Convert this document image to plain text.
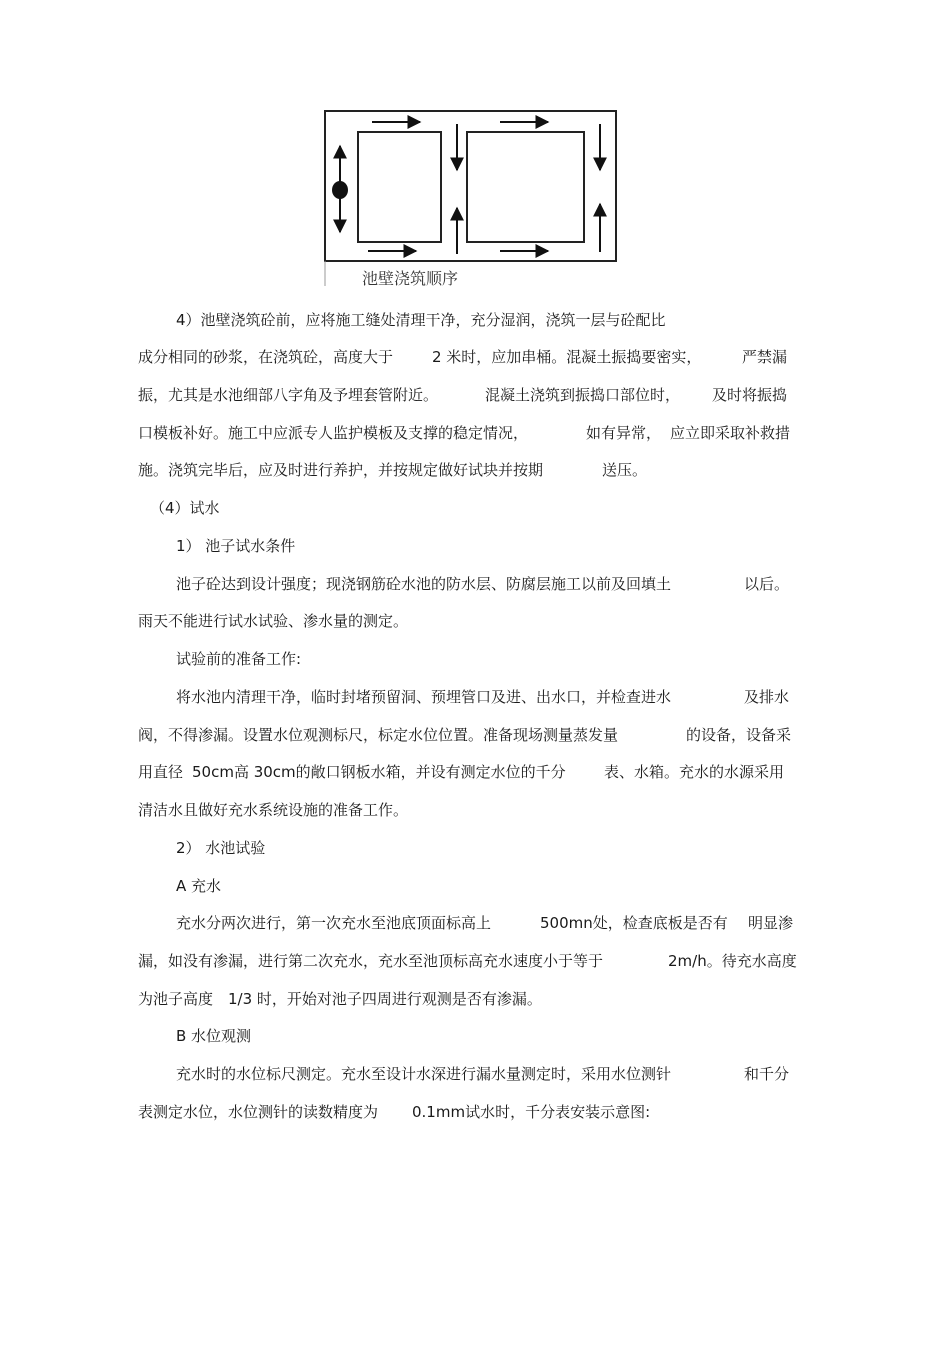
池壁浇筑顺序
4）池壁浇筑砼前，应将施工缝处清理干净，充分湿润，浇筑一层与砼配比
成分相同的砂浆，在浇筑砼，高度大于	2 米时，应加串桶。混凝土振捣要密实，	严禁漏
振，尤其是水池细部八字角及予埋套管附近。	混凝土浇筑到振捣口部位时， 及时将振捣
口模板补好。施工中应派专人监护模板及支撑的稳定情况，	如有异常， 应立即采取补救措
施。浇筑完毕后，应及时进行养护，并按规定做好试块并按期	送压。
（4）试水
1） 池子试水条件
池子砼达到设计强度；现浇钢筋砼水池的防水层、防腐层施工以前及回填土	以后。
雨天不能进行试水试验、渗水量的测定。
试验前的准备工作:
将水池内清理干净，临时封堵预留洞、预埋管口及进、出水口，并检查进水	及排水
阀，不得渗漏。设置水位观测标尺，标定水位位置。准备现场测量蒸发量	的设备，设备采
用直径 50cm高 30cm的敞口钢板水箱，并设有测定水位的千分	表、水箱。充水的水源采用
清洁水且做好充水系统设施的准备工作。
2） 水池试验
A 充水
充水分两次进行，第一次充水至池底顶面标高上	500mn处，检查底板是否有 明显渗
漏，如没有渗漏，进行第二次充水，充水至池顶标高充水速度小于等于	2m/h。待充水高度
为池子高度 1/3 时，开始对池子四周进行观测是否有渗漏。
B 水位观测
充水时的水位标尺测定。充水至设计水深进行漏水量测定时，采用水位测针	和千分
表测定水位，水位测针的读数精度为 0.1mm试水时，千分表安装示意图:
